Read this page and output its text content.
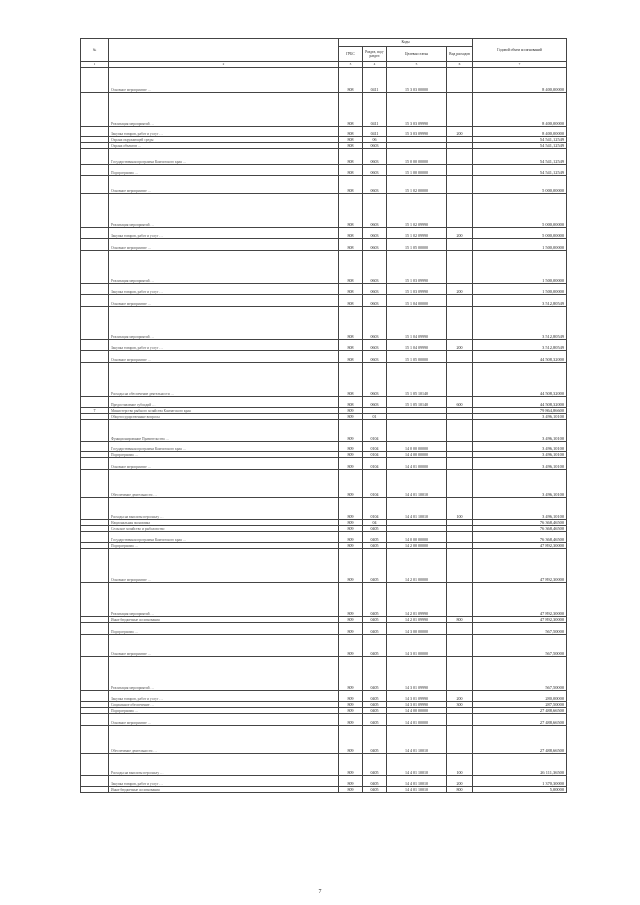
№		Коды				Годовой объем ассигнований
		ГРБС	Раздел, под-раздел	Целевая статья	Вид расходов	
1	2	3	4	5	6	7
	Основное мероприятие …	808	0411	15 3 03 00000		8 400,00000
	Реализация мероприятий …	808	0411	15 3 03 09990		8 400,00000
	Закупка товаров, работ и услуг …	808	0411	15 3 03 09990	200	8 400,00000
	Охрана окружающей среды	808	06			54 541,12549
	Охрана объектов …	808	0603			54 541,12549
	Государственная программа Камчатского края …	808	0603	15 0 00 00000		54 541,12549
	Подпрограмма …	808	0603	15 1 00 00000		54 541,12549
	Основное мероприятие …	808	0603	15 1 02 00000		5 000,00000
	Реализация мероприятий …	808	0603	15 1 02 09990		5 000,00000
	Закупка товаров, работ и услуг …	808	0603	15 1 02 09990	200	5 000,00000
	Основное мероприятие …	808	0603	15 1 05 00000		1 500,00000
	Реализация мероприятий …	808	0603	15 1 03 09990		1 500,00000
	Закупка товаров, работ и услуг …	808	0603	15 1 03 09990	200	1 500,00000
	Основное мероприятие …	808	0603	15 1 04 00000		3 512,80549
	Реализация мероприятий …	808	0603	15 1 04 09990		3 512,80549
	Закупка товаров, работ и услуг …	808	0603	15 1 04 09990	200	3 512,80549
	Основное мероприятие …	808	0603	15 1 05 00000		44 508,32000
	Расходы на обеспечение деятельности …	808	0603	15 1 05 10140		44 508,32000
	Предоставление субсидий …	808	0603	15 1 05 10140	600	44 508,32000
7	Министерство рыбного хозяйства Камчатского края	809				79 864,86600
	Общегосударственные вопросы	809	01			3 496,10100
	Функционирование Правительства …	809	0104			3 496,10100
	Государственная программа Камчатского края …	809	0104	14 0 00 00000		3 496,10100
	Подпрограмма …	809	0104	14 4 00 00000		3 496,10100
	Основное мероприятие …	809	0104	14 4 01 00000		3 496,10100
	Обеспечение деятельности …	809	0104	14 4 01 10010		3 496,10100
	Расходы на выплаты персоналу …	809	0104	14 4 01 10010	100	3 496,10100
	Национальная экономика	809	04			76 368,46500
	Сельское хозяйство и рыболовство	809	0405			76 368,46500
	Государственная программа Камчатского края …	809	0405	14 0 00 00000		76 368,46500
	Подпрограмма …	809	0405	14 2 00 00000		47 892,30000
	Основное мероприятие …	809	0405	14 2 01 00000		47 892,30000
	Реализация мероприятий …	809	0405	14 2 01 09990		47 892,30000
	Иные бюджетные ассигнования	809	0405	14 2 01 09990	800	47 892,30000
	Подпрограмма …	809	0405	14 3 00 00000		567,50000
	Основное мероприятие …	809	0405	14 3 01 00000		567,50000
	Реализация мероприятий …	809	0405	14 3 01 09990		567,50000
	Закупка товаров, работ и услуг …	809	0405	14 3 01 09990	200	280,00000
	Социальное обеспечение …	809	0405	14 3 01 09990	300	287,50000
	Подпрограмма …	809	0405	14 4 00 00000		27 488,66500
	Основное мероприятие …	809	0405	14 4 01 00000		27 488,66500
	Обеспечение деятельности …	809	0405	14 4 01 10010		27 488,66500
	Расходы на выплаты персоналу …	809	0405	14 4 01 10010	100	26 111,36500
	Закупка товаров, работ и услуг …	809	0405	14 4 01 10010	200	1 370,30000
	Иные бюджетные ассигнования	809	0405	14 4 01 10010	800	5,00000
7
